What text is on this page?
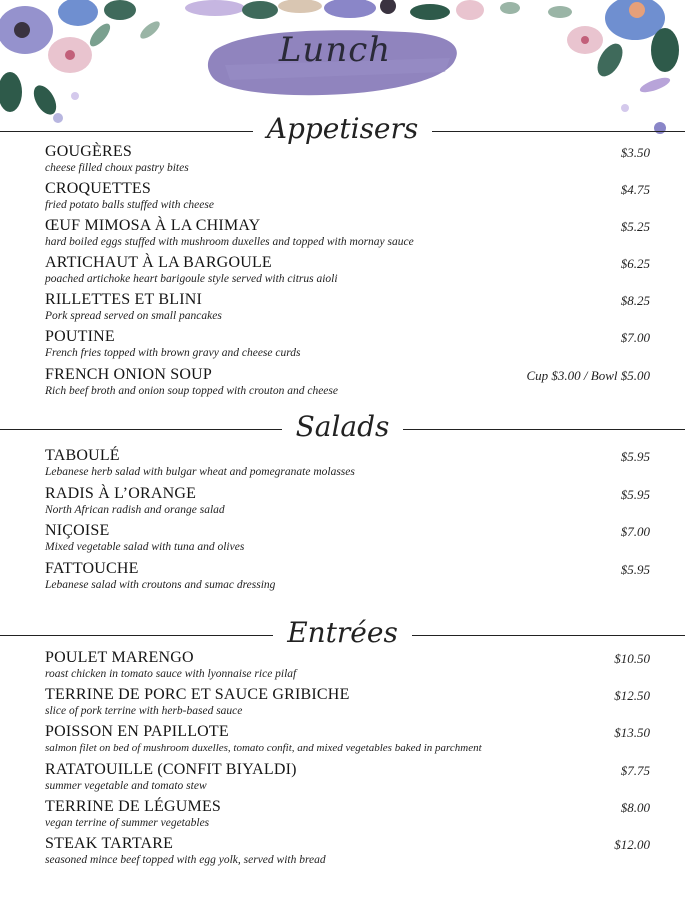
Lunch
Appetisers
GOUGÈRES	$3.50
cheese filled choux pastry bites
CROQUETTES	$4.75
fried potato balls stuffed with cheese
ŒUF MIMOSA À LA CHIMAY	$5.25
hard boiled eggs stuffed with mushroom duxelles and topped with mornay sauce
ARTICHAUT À LA BARGOULE	$6.25
poached artichoke heart barigoule style served with citrus aioli
RILLETTES ET BLINI	$8.25
Pork spread served on small pancakes
POUTINE	$7.00
French fries topped with brown gravy and cheese curds
FRENCH ONION SOUP	Cup $3.00 / Bowl $5.00
Rich beef broth and onion soup topped with crouton and cheese
Salads
TABOULÉ	$5.95
Lebanese herb salad with bulgar wheat and pomegranate molasses
RADIS À L’ORANGE	$5.95
North African radish and orange salad
NIÇOISE	$7.00
Mixed vegetable salad with tuna and olives
FATTOUCHE	$5.95
Lebanese salad with croutons and sumac dressing
Entrées
POULET MARENGO	$10.50
roast chicken in tomato sauce with lyonnaise rice pilaf
TERRINE DE PORC ET SAUCE GRIBICHE	$12.50
slice of pork terrine with herb-based sauce
POISSON EN PAPILLOTE	$13.50
salmon filet on bed of mushroom duxelles, tomato confit, and mixed vegetables baked in parchment
RATATOUILLE (CONFIT BIYALDI)	$7.75
summer vegetable and tomato stew
TERRINE DE LÉGUMES	$8.00
vegan terrine of summer vegetables
STEAK TARTARE	$12.00
seasoned mince beef topped with egg yolk, served with bread
